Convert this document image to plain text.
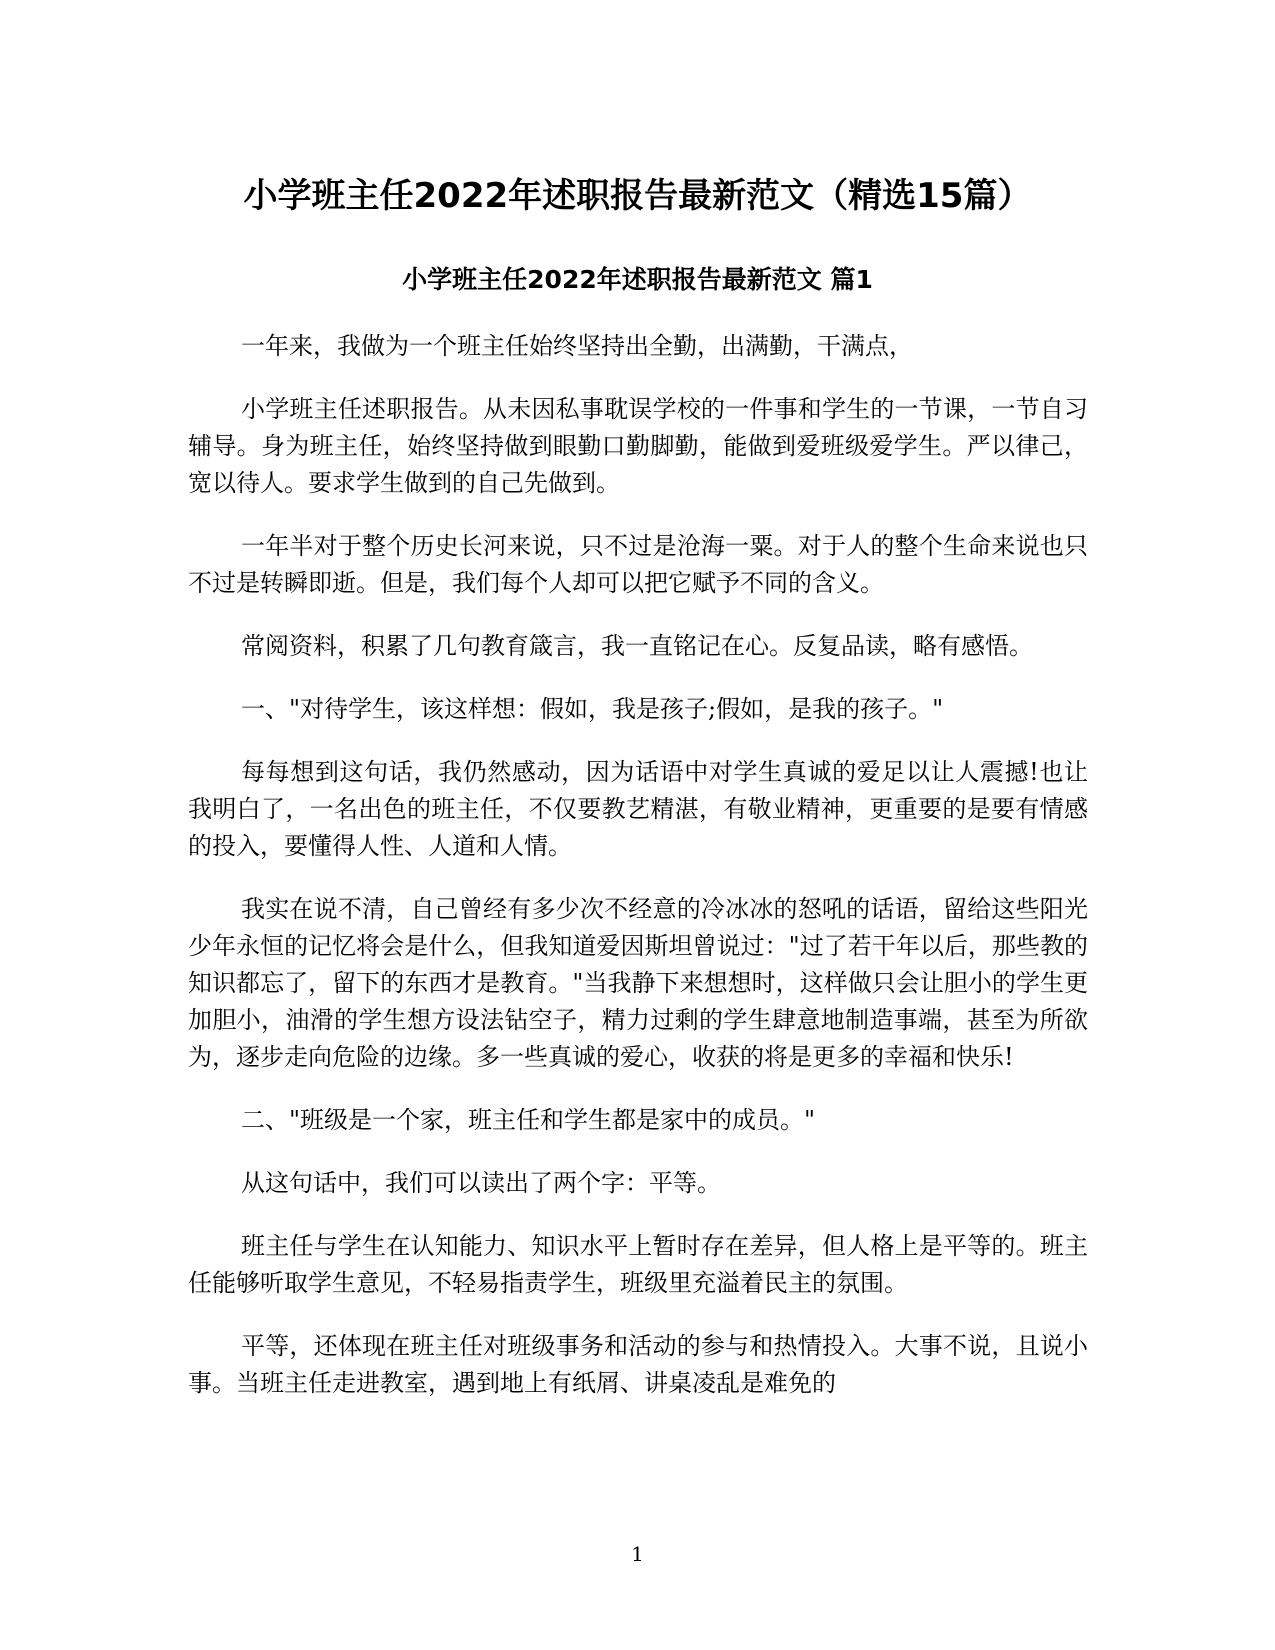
小学班主任2022年述职报告最新范文（精选15篇）
小学班主任2022年述职报告最新范文 篇1

一年来，我做为一个班主任始终坚持出全勤，出满勤，干满点，

小学班主任述职报告。从未因私事耽误学校的一件事和学生的一节课，一节自习辅导。身为班主任，始终坚持做到眼勤口勤脚勤，能做到爱班级爱学生。严以律己，宽以待人。要求学生做到的自己先做到。

一年半对于整个历史长河来说，只不过是沧海一粟。对于人的整个生命来说也只不过是转瞬即逝。但是，我们每个人却可以把它赋予不同的含义。

常阅资料，积累了几句教育箴言，我一直铭记在心。反复品读，略有感悟。

一、"对待学生，该这样想：假如，我是孩子;假如，是我的孩子。"

每每想到这句话，我仍然感动，因为话语中对学生真诚的爱足以让人震撼!也让我明白了，一名出色的班主任，不仅要教艺精湛，有敬业精神，更重要的是要有情感的投入，要懂得人性、人道和人情。

我实在说不清，自己曾经有多少次不经意的冷冰冰的怒吼的话语，留给这些阳光少年永恒的记忆将会是什么，但我知道爱因斯坦曾说过："过了若干年以后，那些教的知识都忘了，留下的东西才是教育。"当我静下来想想时，这样做只会让胆小的学生更加胆小，油滑的学生想方设法钻空子，精力过剩的学生肆意地制造事端，甚至为所欲为，逐步走向危险的边缘。多一些真诚的爱心，收获的将是更多的幸福和快乐!

二、"班级是一个家，班主任和学生都是家中的成员。"

从这句话中，我们可以读出了两个字：平等。

班主任与学生在认知能力、知识水平上暂时存在差异，但人格上是平等的。班主任能够听取学生意见，不轻易指责学生，班级里充溢着民主的氛围。

平等，还体现在班主任对班级事务和活动的参与和热情投入。大事不说，且说小事。当班主任走进教室，遇到地上有纸屑、讲桌凌乱是难免的

1
